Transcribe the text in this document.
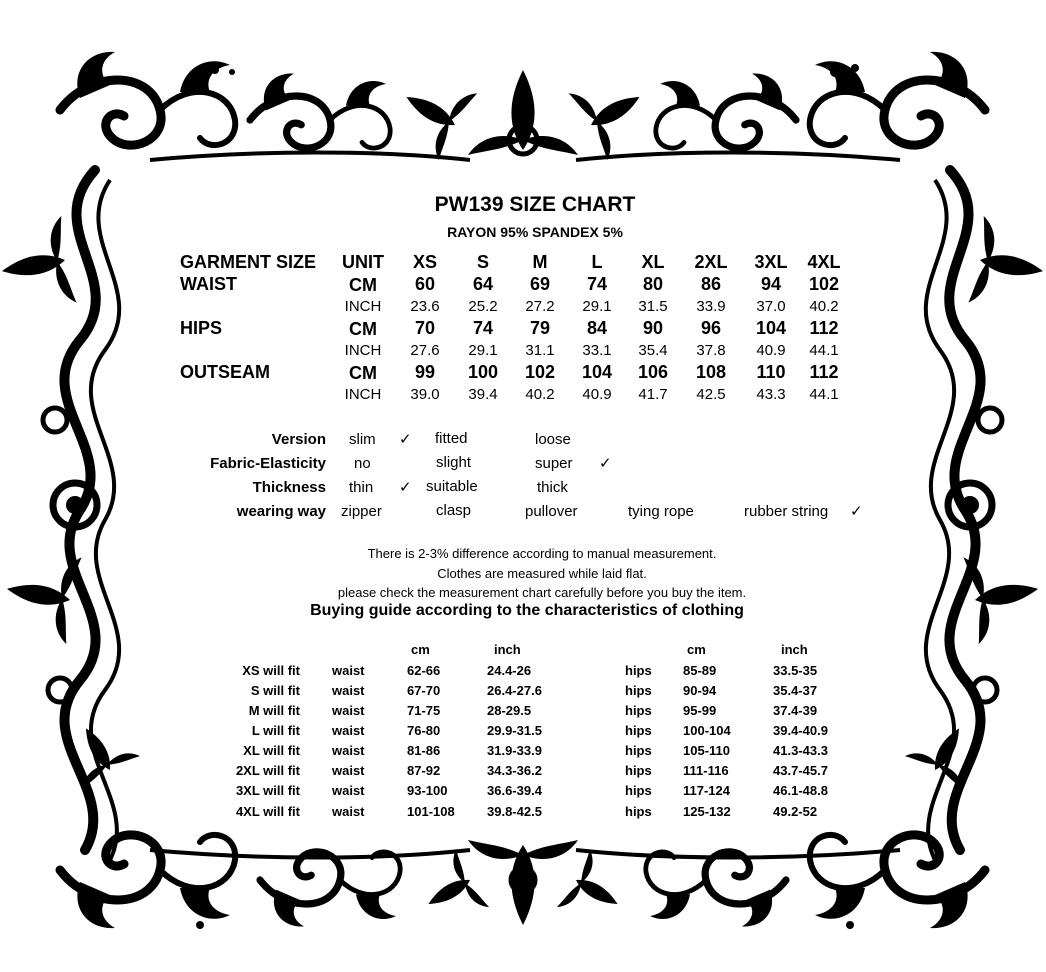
PW139 SIZE CHART
RAYON 95% SPANDEX 5%
GARMENT SIZE UNIT XS S M L XL 2XL 3XL 4XL
WAIST	CM 60 64 69 74 80 86 94 102
INCH 23.6 25.2 27.2 29.1 31.5 33.9 37.0 40.2
HIPS	CM 70 74 79 84 90 96 104 112
INCH 27.6 29.1 31.1 33.1 35.4 37.8 40.9 44.1
OUTSEAM	CM 99 100 102 104 106 108 110 112
INCH 39.0 39.4 40.2 40.9 41.7 42.5 43.3 44.1
Version slim ✓ fitted	loose
Fabric-Elasticity no	slight	super ✓
Thickness thin ✓ suitable	thick
wearing way zipper	clasp	pullover	tying rope	rubber string ✓
There is 2-3% difference according to manual measurement.
Clothes are measured while laid flat.
please check the measurement chart carefully before you buy the item.
Buying guide according to the characteristics of clothing
cm	inch	cm	inch
XS will fit waist	62-66	24.4-26	hips 85-89	33.5-35
S will fit waist	67-70	26.4-27.6	hips 90-94	35.4-37
M will fit waist	71-75	28-29.5	hips 95-99	37.4-39
L will fit waist	76-80	29.9-31.5	hips 100-104	39.4-40.9
XL will fit waist	81-86	31.9-33.9	hips 105-110	41.3-43.3
2XL will fit waist	87-92	34.3-36.2	hips 111-116	43.7-45.7
3XL will fit waist	93-100	36.6-39.4	hips 117-124	46.1-48.8
4XL will fit waist	101-108 39.8-42.5	hips 125-132	49.2-52
